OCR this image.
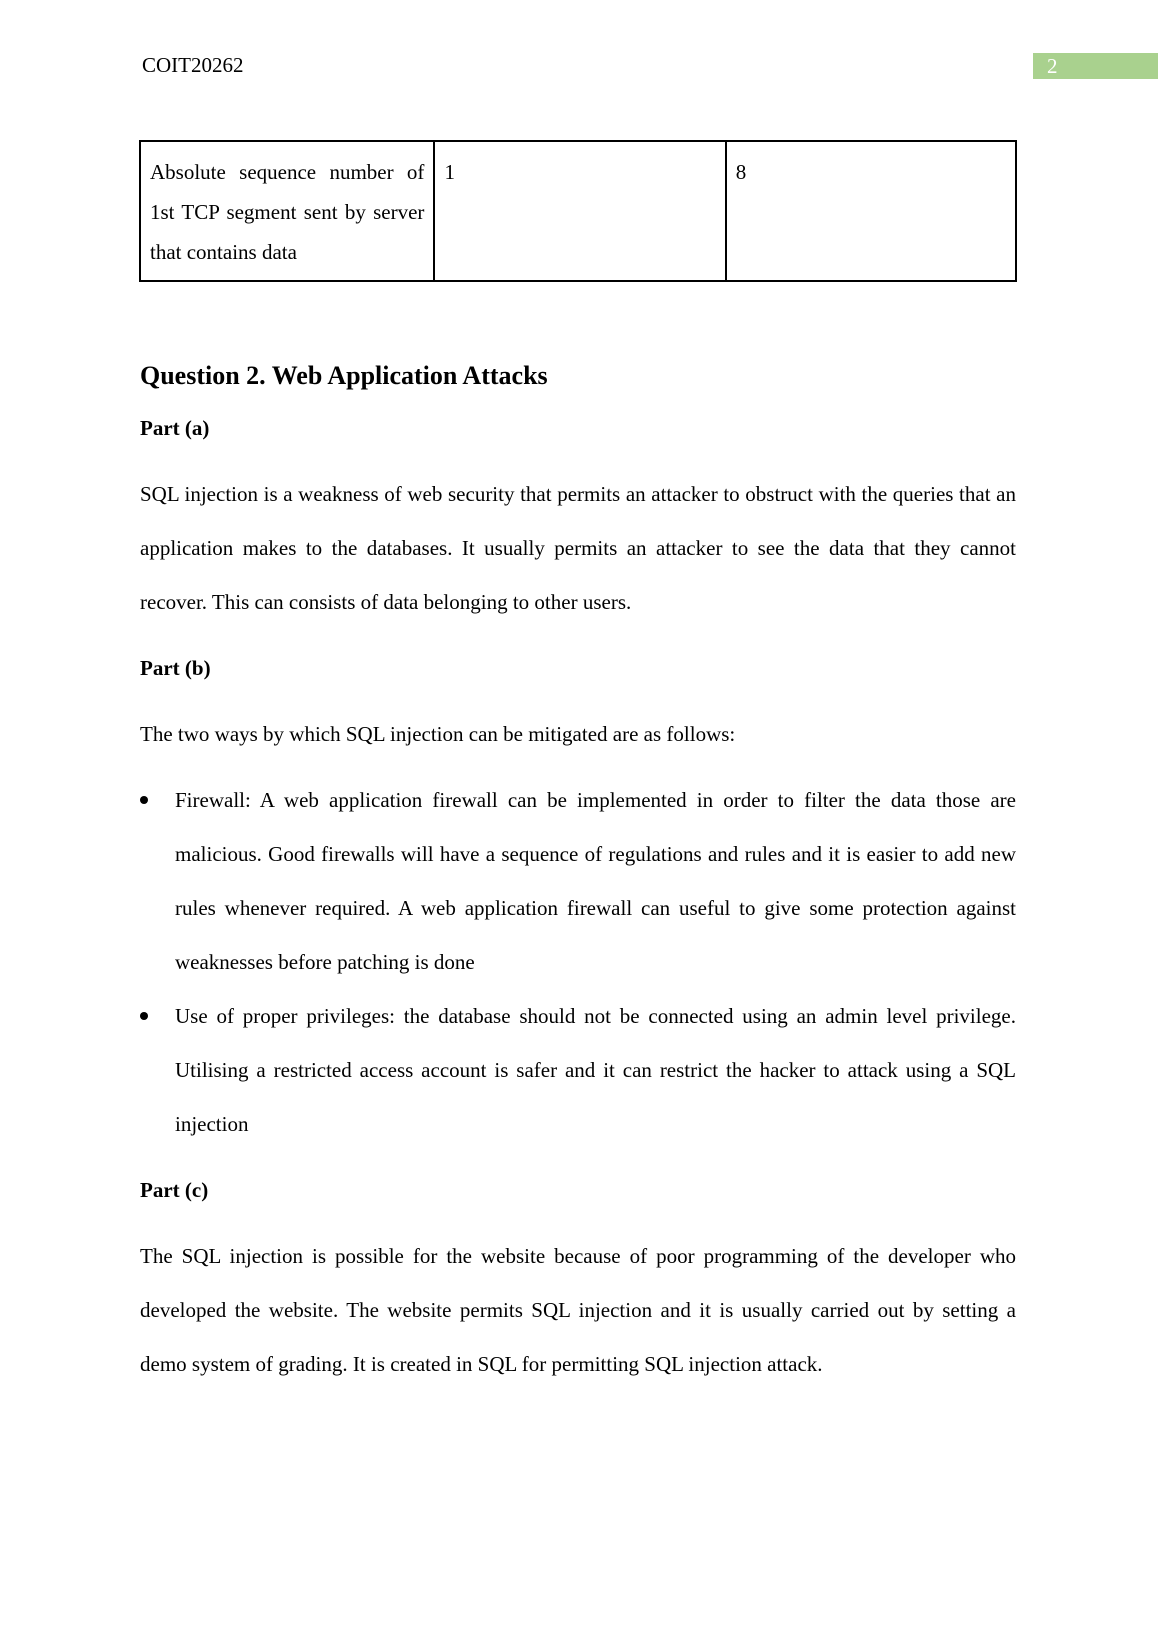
COIT20262	2
Absolute sequence number of 1st TCP segment sent by server that contains data	1	8
Question 2. Web Application Attacks
Part (a)

SQL injection is a weakness of web security that permits an attacker to obstruct with the queries that an application makes to the databases. It usually permits an attacker to see the data that they cannot recover. This can consists of data belonging to other users.

Part (b)

The two ways by which SQL injection can be mitigated are as follows:

Firewall: A web application firewall can be implemented in order to filter the data those are malicious. Good firewalls will have a sequence of regulations and rules and it is easier to add new rules whenever required. A web application firewall can useful to give some protection against weaknesses before patching is done
Use of proper privileges: the database should not be connected using an admin level privilege. Utilising a restricted access account is safer and it can restrict the hacker to attack using a SQL injection
Part (c)

The SQL injection is possible for the website because of poor programming of the developer who developed the website. The website permits SQL injection and it is usually carried out by setting a demo system of grading. It is created in SQL for permitting SQL injection attack.
